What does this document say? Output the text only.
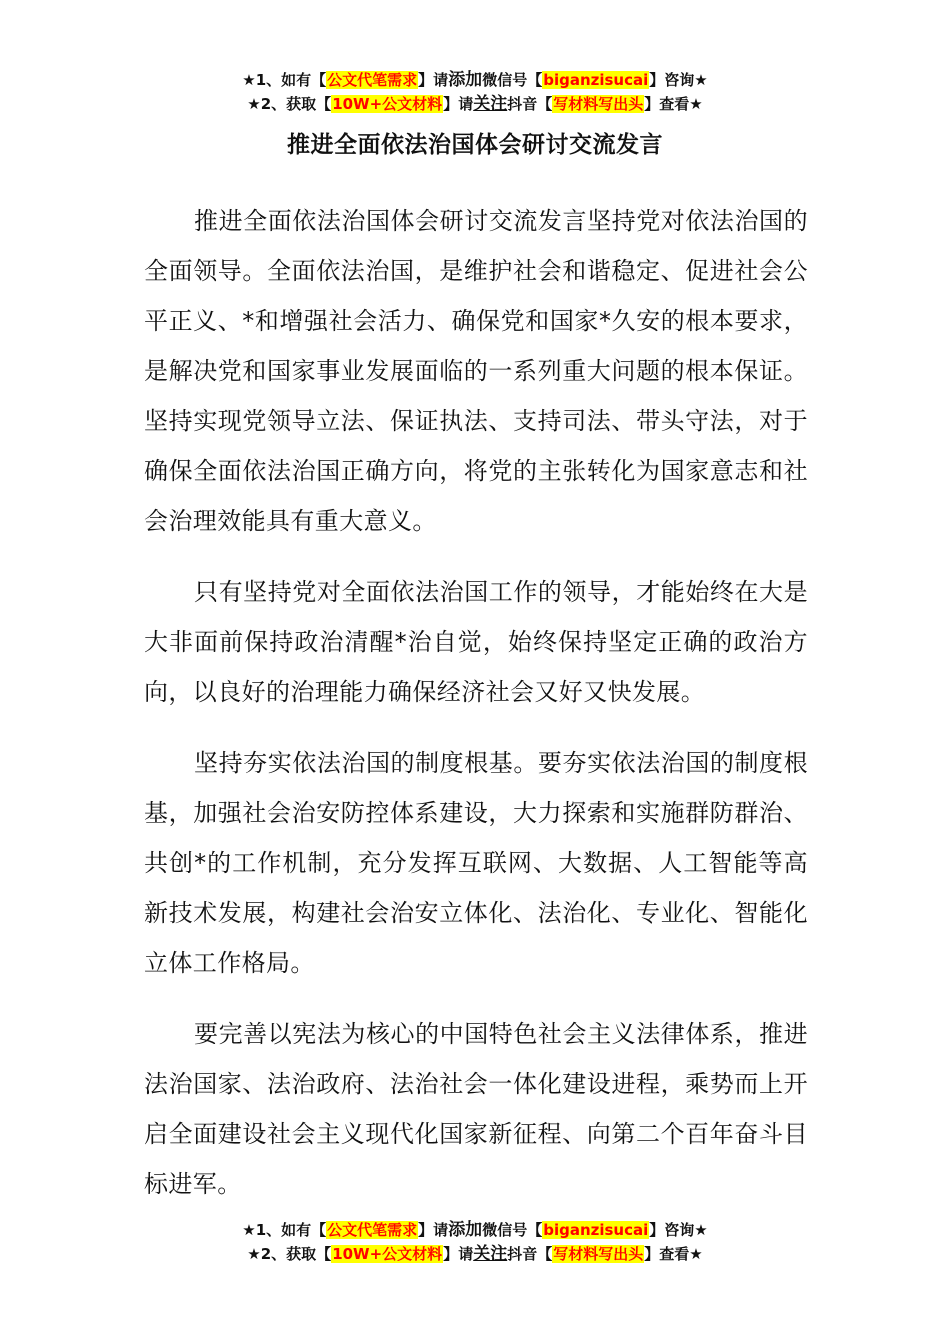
★1、如有【公文代笔需求】请添加微信号【biganzisucai】咨询★
★2、获取【10W+公文材料】请关注抖音【写材料写出头】查看★
推进全面依法治国体会研讨交流发言

推进全面依法治国体会研讨交流发言坚持党对依法治国的全面领导。全面依法治国，是维护社会和谐稳定、促进社会公平正义、*和增强社会活力、确保党和国家*久安的根本要求，是解决党和国家事业发展面临的一系列重大问题的根本保证。坚持实现党领导立法、保证执法、支持司法、带头守法，对于确保全面依法治国正确方向，将党的主张转化为国家意志和社会治理效能具有重大意义。

只有坚持党对全面依法治国工作的领导，才能始终在大是大非面前保持政治清醒*治自觉，始终保持坚定正确的政治方向，以良好的治理能力确保经济社会又好又快发展。

坚持夯实依法治国的制度根基。要夯实依法治国的制度根基，加强社会治安防控体系建设，大力探索和实施群防群治、共创*的工作机制，充分发挥互联网、大数据、人工智能等高新技术发展，构建社会治安立体化、法治化、专业化、智能化立体工作格局。

要完善以宪法为核心的中国特色社会主义法律体系，推进法治国家、法治政府、法治社会一体化建设进程，乘势而上开启全面建设社会主义现代化国家新征程、向第二个百年奋斗目标进军。

★1、如有【公文代笔需求】请添加微信号【biganzisucai】咨询★
★2、获取【10W+公文材料】请关注抖音【写材料写出头】查看★
